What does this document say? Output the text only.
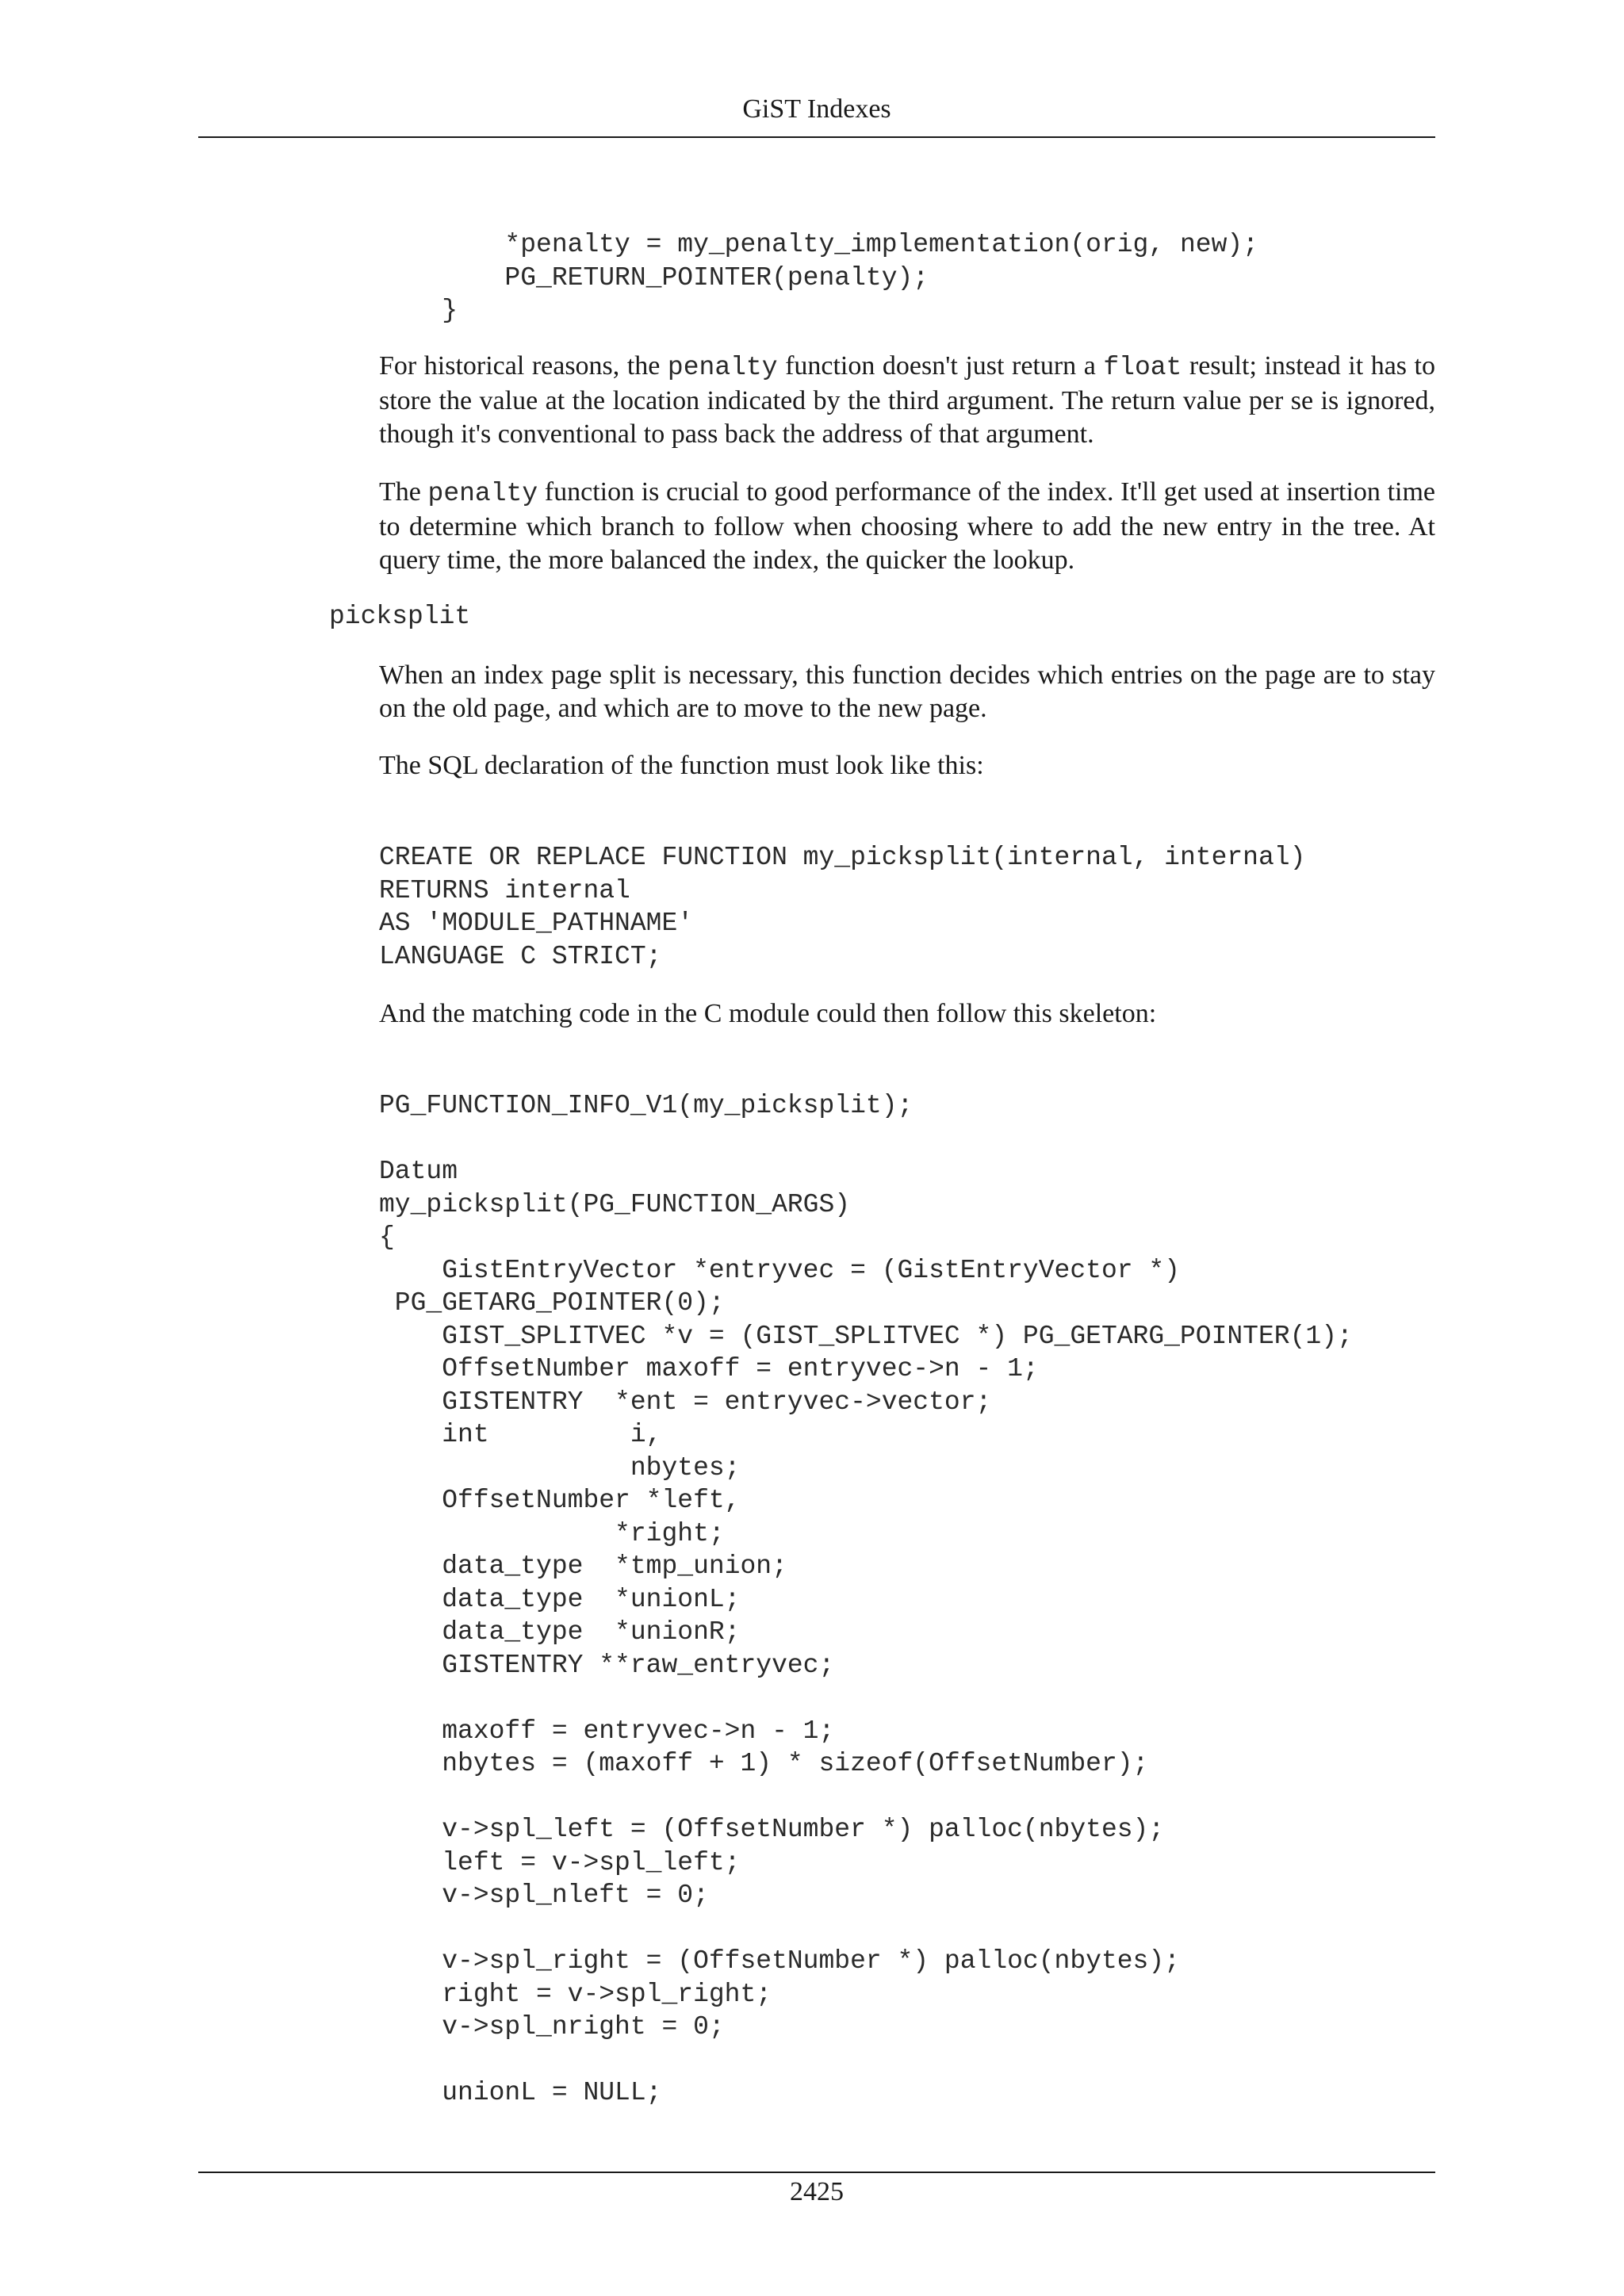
GiST Indexes
*penalty = my_penalty_implementation(orig, new);
PG_RETURN_POINTER(penalty);
}

For historical reasons, the penalty function doesn't just return a float result; instead it has to store the value at the location indicated by the third argument. The return value per se is ignored, though it's conventional to pass back the address of that argument.

The penalty function is crucial to good performance of the index. It'll get used at insertion time to determine which branch to follow when choosing where to add the new entry in the tree. At query time, the more balanced the index, the quicker the lookup.

picksplit

When an index page split is necessary, this function decides which entries on the page are to stay on the old page, and which are to move to the new page.

The SQL declaration of the function must look like this:

CREATE OR REPLACE FUNCTION my_picksplit(internal, internal)
RETURNS internal
AS 'MODULE_PATHNAME'
LANGUAGE C STRICT;

And the matching code in the C module could then follow this skeleton:

PG_FUNCTION_INFO_V1(my_picksplit);

Datum
my_picksplit(PG_FUNCTION_ARGS)
{
GistEntryVector *entryvec = (GistEntryVector *)
PG_GETARG_POINTER(0);
GIST_SPLITVEC *v = (GIST_SPLITVEC *) PG_GETARG_POINTER(1);
OffsetNumber maxoff = entryvec->n - 1;
GISTENTRY  *ent = entryvec->vector;
int         i,
nbytes;
OffsetNumber *left,
*right;
data_type  *tmp_union;
data_type  *unionL;
data_type  *unionR;
GISTENTRY **raw_entryvec;

maxoff = entryvec->n - 1;
nbytes = (maxoff + 1) * sizeof(OffsetNumber);

v->spl_left = (OffsetNumber *) palloc(nbytes);
left = v->spl_left;
v->spl_nleft = 0;

v->spl_right = (OffsetNumber *) palloc(nbytes);
right = v->spl_right;
v->spl_nright = 0;

unionL = NULL;
2425
